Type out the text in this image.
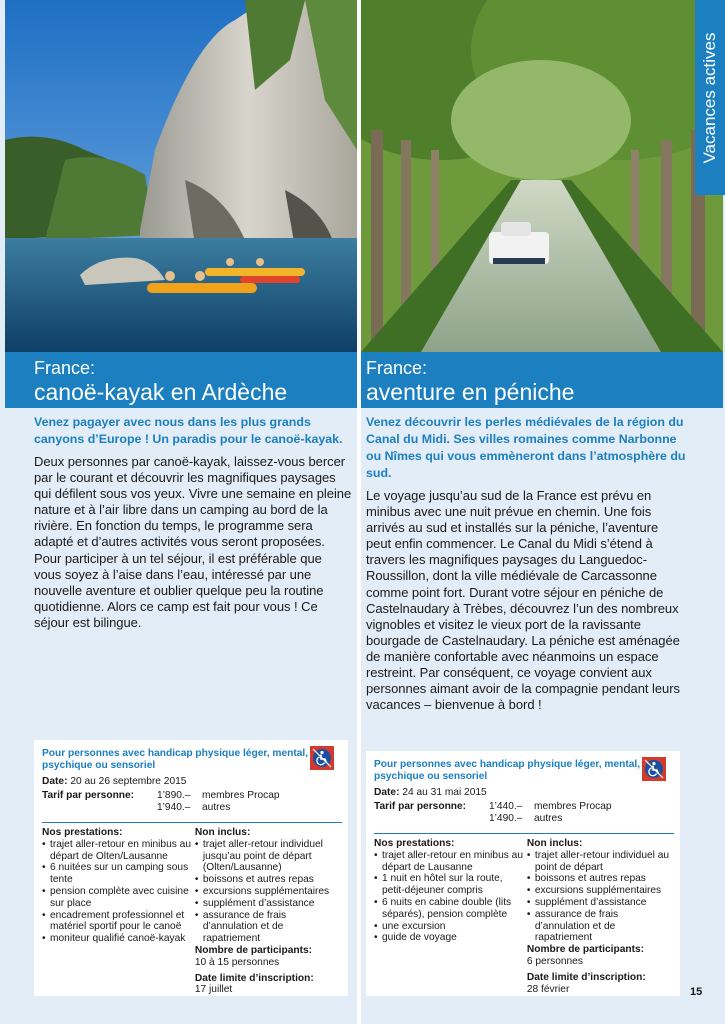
Vacances actives
France:
canoë-kayak en Ardèche
France:
aventure en péniche

Venez pagayer avec nous dans les plus grands canyons d’Europe ! Un paradis pour le canoë-kayak.

Deux personnes par canoë-kayak, laissez-vous bercer par le courant et découvrir les magnifiques paysages qui défilent sous vos yeux. Vivre une semaine en pleine nature et à l’air libre dans un camping au bord de la rivière. En fonction du temps, le programme sera adapté et d’autres activités vous seront proposées. Pour participer à un tel séjour, il est préférable que vous soyez à l’aise dans l’eau, intéressé par une nouvelle aventure et oublier quelque peu la routine quotidienne. Alors ce camp est fait pour vous ! Ce séjour est bilingue.

Venez découvrir les perles médiévales de la région du Canal du Midi. Ses villes romaines comme Narbonne ou Nîmes qui vous emmèneront dans l’atmosphère du sud.

Le voyage jusqu’au sud de la France est prévu en minibus avec une nuit prévue en chemin. Une fois arrivés au sud et installés sur la péniche, l’aventure peut enfin commencer. Le Canal du Midi s’étend à travers les magnifiques paysages du Languedoc-Roussillon, dont la ville médiévale de Carcassonne comme point fort. Durant votre séjour en péniche de Castelnaudary à Trèbes, découvrez l’un des nombreux vignobles et visitez le vieux port de la ravissante bourgade de Castelnaudary. La péniche est aménagée de manière confortable avec néanmoins un espace restreint. Par conséquent, ce voyage convient aux personnes aimant avoir de la compagnie pendant leurs vacances – bienvenue à bord !

Pour personnes avec handicap physique léger, mental, psychique ou sensoriel
Date: 20 au 26 septembre 2015
Tarif par personne:	1’890.–	membres Procap
1’940.–	autres
Nos prestations:
• trajet aller-retour en minibus au départ de Olten/Lausanne
• 6 nuitées sur un camping sous tente
• pension complète avec cuisine sur place
• encadrement professionnel et matériel sportif pour le canoë
• moniteur qualifié canoë-kayak
Non inclus:
• trajet aller-retour individuel jusqu’au point de départ (Olten/Lausanne)
• boissons et autres repas
• excursions supplémentaires
• supplément d’assistance
• assurance de frais d’annulation et de rapatriement
Nombre de participants:
10 à 15 personnes
Date limite d’inscription:
17 juillet
Pour personnes avec handicap physique léger, mental, psychique ou sensoriel
Date: 24 au 31 mai 2015
Tarif par personne:	1’440.–	membres Procap
1’490.–	autres
Nos prestations:
• trajet aller-retour en minibus au départ de Lausanne
• 1 nuit en hôtel sur la route, petit-déjeuner compris
• 6 nuits en cabine double (lits séparés), pension complète
• une excursion
• guide de voyage
Non inclus:
• trajet aller-retour individuel au point de départ
• boissons et autres repas
• excursions supplémentaires
• supplément d’assistance
• assurance de frais d’annulation et de rapatriement
Nombre de participants:
6 personnes
Date limite d’inscription:
28 février	15
